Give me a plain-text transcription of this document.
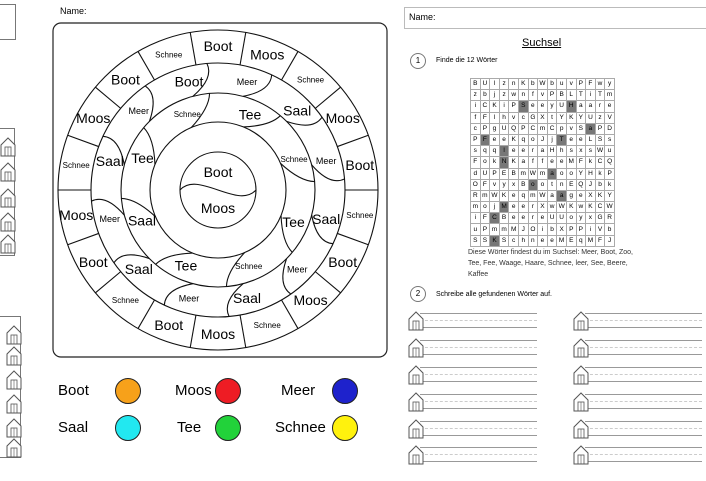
Name:
Boot
Moos
Schnee
Moos
Boot
Schnee
Boot
Moos
Schnee
Moos
Boot
Schnee
Boot
Moos
Schnee
Moos
Boot
Schnee
Boot	Meer
Saal
Meer
Saal
Meer
Saal
Meer
Saal
Meer
Saal
Meer	Schnee	Tee
Schnee
Tee
Schnee
Tee
Saal
Tee
Boot
Moos
Boot	Moos	Meer
Saal	Tee	Schnee
Name:
Suchsel
1	Finde die 12 Wörter
B	U	l	z	n	K	b	W	b	u	v	P	F	w	y
z	b	j	z	w	n	f	v	P	B	L	T	i	T	m
i	C	K	i	P	S	e	e	y	U	H	a	a	r	e
f	F	l	h	v	c	G	X	t	Y	K	Y	U	z	V
c	P	g	U	Q	P	C	m	C	p	v	S	a	P	D
P	F	e	e	K	q	o	J	j	T	e	e	L	S	s
s	q	q	l	e	e	r	a	H	h	s	x	s	W	u
F	o	k	N	K	a	f	f	e	e	M	F	k	C	Q
d	U	P	E	B	m	W	m	a	o	o	Y	H	k	P
O	F	v	y	x	B	o	o	t	n	E	Q	J	b	k
R	m	W	K	e	q	m	W	a	a	g	e	X	K	Y
m	o	j	M	e	e	r	X	w	W	K	w	K	C	W
i	F	C	B	e	e	r	e	U	U	o	y	x	G	R
u	P	m	m	M	J	O	i	b	X	P	P	i	V	b
S	S	K	S	c	h	n	e	e	M	E	q	M	F	J
Diese Wörter findest du im Suchsel: Meer, Boot, Zoo, Tee, Fee, Waage, Haare, Schnee, leer, See, Beere, Kaffee
2	Schreibe alle gefundenen Wörter auf.
